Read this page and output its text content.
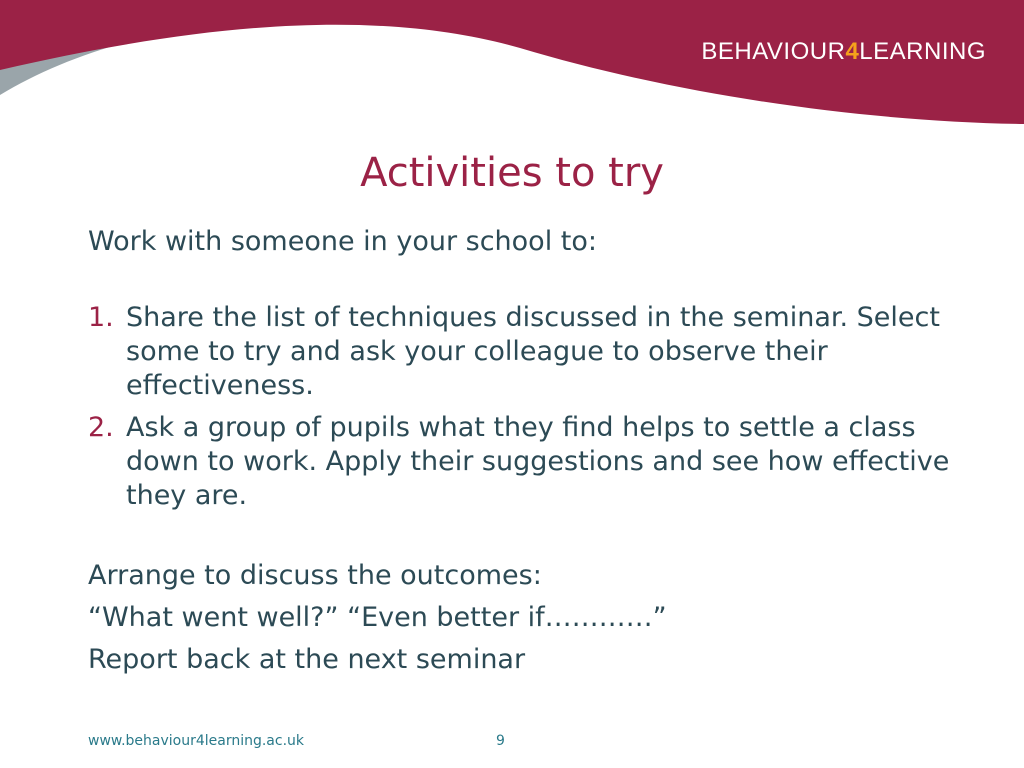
BEHAVIOUR4LEARNING
Activities to try

Work with someone in your school to:

1. Share the list of techniques discussed in the seminar. Select some to try and ask your colleague to observe their effectiveness.
2. Ask a group of pupils what they find helps to settle a class down to work. Apply their suggestions and see how effective they are.

Arrange to discuss the outcomes:

“What went well?” “Even better if…………”

Report back at the next seminar

www.behaviour4learning.ac.uk	9
